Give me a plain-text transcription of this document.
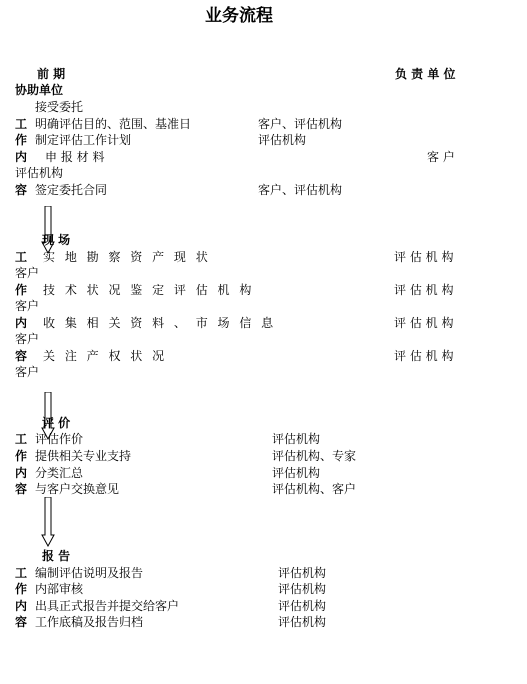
业务流程
前 期	负 责 单 位
协助单位
接受委托
工 明确评估目的、范围、基准日	客户、评估机构
作 制定评估工作计划	评估机构
内 申 报 材 料	客 户
评估机构
容 签定委托合同	客户、评估机构
现 场
工 实 地 勘 察 资 产 现 状	评 估 机 构
客户
作 技 术 状 况 鉴 定 评 估 机 构	评 估 机 构
客户
内 收 集 相 关 资 料 、 市 场 信 息	评 估 机 构
客户
容 关 注 产 权 状 况	评 估 机 构
客户
评 价
工 评估作价	评估机构
作 提供相关专业支持	评估机构、专家
内 分类汇总	评估机构
容 与客户交换意见	评估机构、客户
报 告
工 编制评估说明及报告	评估机构
作 内部审核	评估机构
内 出具正式报告并提交给客户	评估机构
容 工作底稿及报告归档	评估机构
